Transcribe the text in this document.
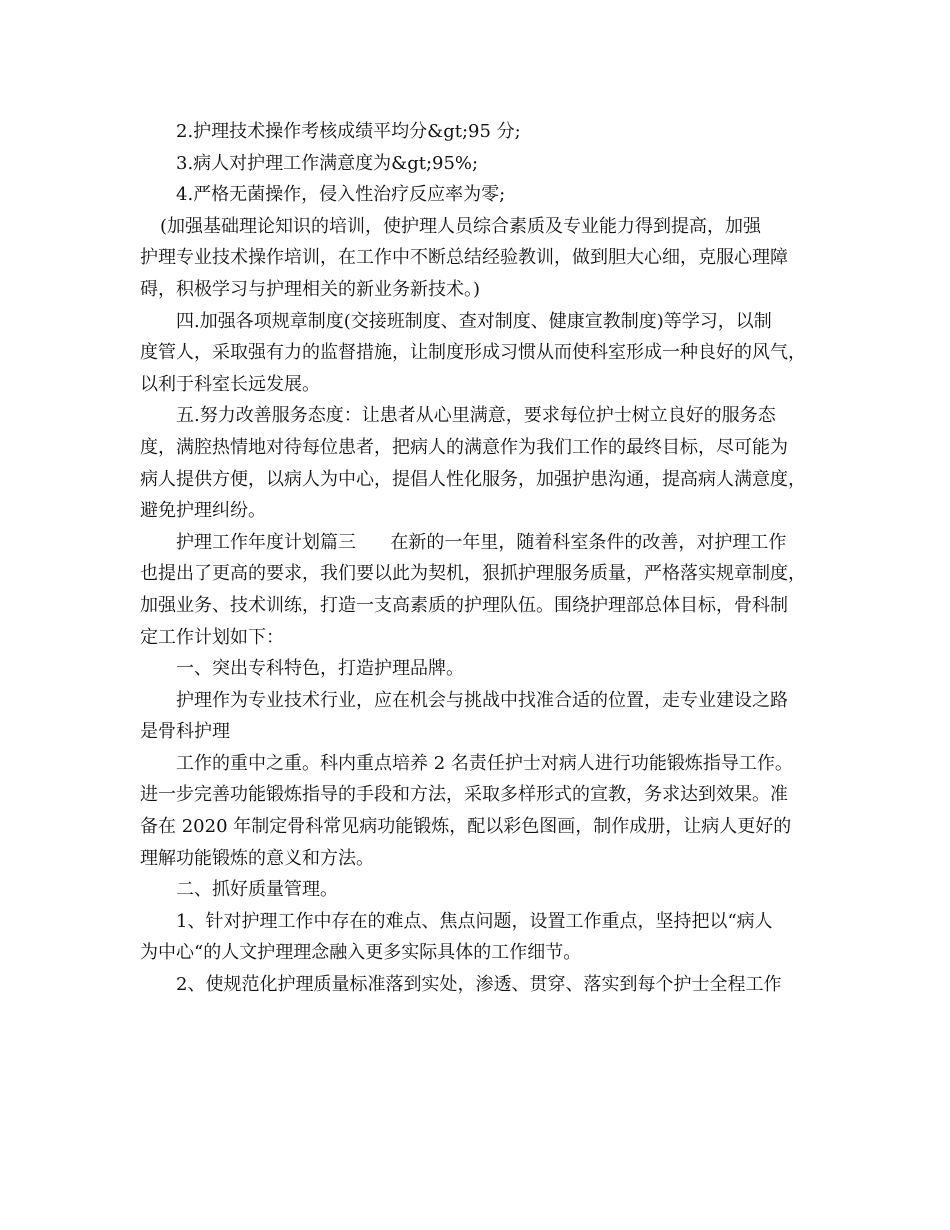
2.护理技术操作考核成绩平均分&gt;95 分;
3.病人对护理工作满意度为&gt;95%;
4.严格无菌操作，侵入性治疗反应率为零;
(加强基础理论知识的培训，使护理人员综合素质及专业能力得到提高，加强
护理专业技术操作培训，在工作中不断总结经验教训，做到胆大心细，克服心理障
碍，积极学习与护理相关的新业务新技术。)
四.加强各项规章制度(交接班制度、查对制度、健康宣教制度)等学习，以制
度管人，采取强有力的监督措施，让制度形成习惯从而使科室形成一种良好的风气，
以利于科室长远发展。
五.努力改善服务态度：让患者从心里满意，要求每位护士树立良好的服务态
度，满腔热情地对待每位患者，把病人的满意作为我们工作的最终目标，尽可能为
病人提供方便，以病人为中心，提倡人性化服务，加强护患沟通，提高病人满意度，
避免护理纠纷。
护理工作年度计划篇三      在新的一年里，随着科室条件的改善，对护理工作
也提出了更高的要求，我们要以此为契机，狠抓护理服务质量，严格落实规章制度，
加强业务、技术训练，打造一支高素质的护理队伍。围绕护理部总体目标，骨科制
定工作计划如下：
一、突出专科特色，打造护理品牌。
护理作为专业技术行业，应在机会与挑战中找准合适的位置，走专业建设之路
是骨科护理
工作的重中之重。科内重点培养 2 名责任护士对病人进行功能锻炼指导工作。
进一步完善功能锻炼指导的手段和方法，采取多样形式的宣教，务求达到效果。准
备在 2020 年制定骨科常见病功能锻炼，配以彩色图画，制作成册，让病人更好的
理解功能锻炼的意义和方法。
二、抓好质量管理。
1、针对护理工作中存在的难点、焦点问题，设置工作重点，坚持把以“病人
为中心“的人文护理理念融入更多实际具体的工作细节。
2、使规范化护理质量标准落到实处，渗透、贯穿、落实到每个护士全程工作
